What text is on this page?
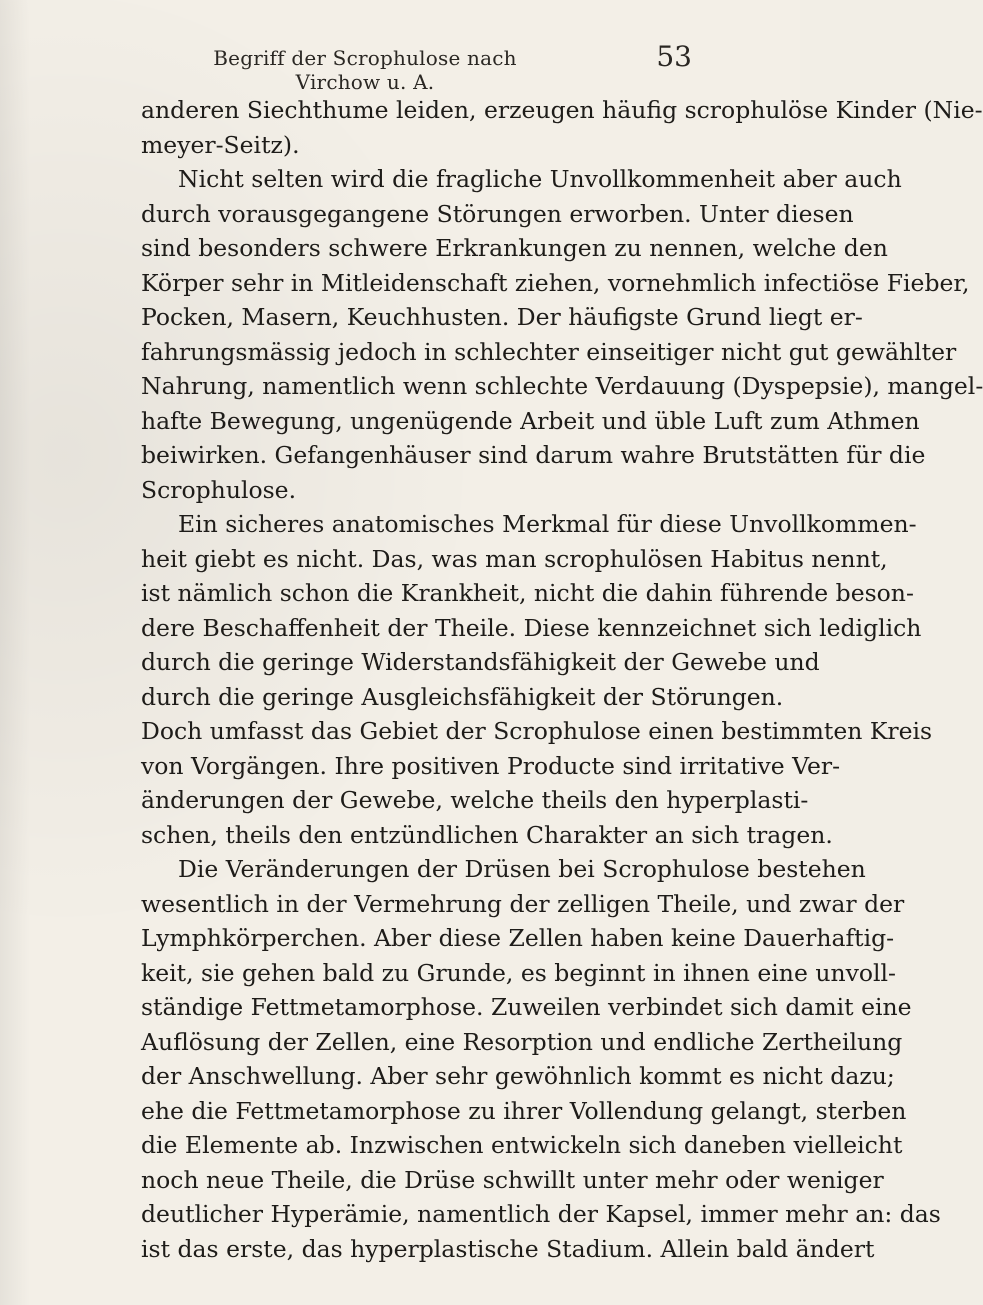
Begriff der Scrophulose nach Virchow u. A.
53
anderen Siechthume leiden, erzeugen häufig scrophulöse Kinder (Nie-
meyer-Seitz).
Nicht selten wird die fragliche Unvollkommenheit aber auch
durch vorausgegangene Störungen erworben. Unter diesen
sind besonders schwere Erkrankungen zu nennen, welche den
Körper sehr in Mitleidenschaft ziehen, vornehmlich infectiöse Fieber,
Pocken, Masern, Keuchhusten. Der häufigste Grund liegt er-
fahrungsmässig jedoch in schlechter einseitiger nicht gut gewählter
Nahrung, namentlich wenn schlechte Verdauung (Dyspepsie), mangel-
hafte Bewegung, ungenügende Arbeit und üble Luft zum Athmen
beiwirken. Gefangenhäuser sind darum wahre Brutstätten für die
Scrophulose.
Ein sicheres anatomisches Merkmal für diese Unvollkommen-
heit giebt es nicht. Das, was man scrophulösen Habitus nennt,
ist nämlich schon die Krankheit, nicht die dahin führende beson-
dere Beschaffenheit der Theile. Diese kennzeichnet sich lediglich
durch die geringe Widerstandsfähigkeit der Gewebe und
durch die geringe Ausgleichsfähigkeit der Störungen.
Doch umfasst das Gebiet der Scrophulose einen bestimmten Kreis
von Vorgängen. Ihre positiven Producte sind irritative Ver-
änderungen der Gewebe, welche theils den hyperplasti-
schen, theils den entzündlichen Charakter an sich tragen.
Die Veränderungen der Drüsen bei Scrophulose bestehen
wesentlich in der Vermehrung der zelligen Theile, und zwar der
Lymphkörperchen. Aber diese Zellen haben keine Dauerhaftig-
keit, sie gehen bald zu Grunde, es beginnt in ihnen eine unvoll-
ständige Fettmetamorphose. Zuweilen verbindet sich damit eine
Auflösung der Zellen, eine Resorption und endliche Zertheilung
der Anschwellung. Aber sehr gewöhnlich kommt es nicht dazu;
ehe die Fettmetamorphose zu ihrer Vollendung gelangt, sterben
die Elemente ab. Inzwischen entwickeln sich daneben vielleicht
noch neue Theile, die Drüse schwillt unter mehr oder weniger
deutlicher Hyperämie, namentlich der Kapsel, immer mehr an: das
ist das erste, das hyperplastische Stadium. Allein bald ändert
